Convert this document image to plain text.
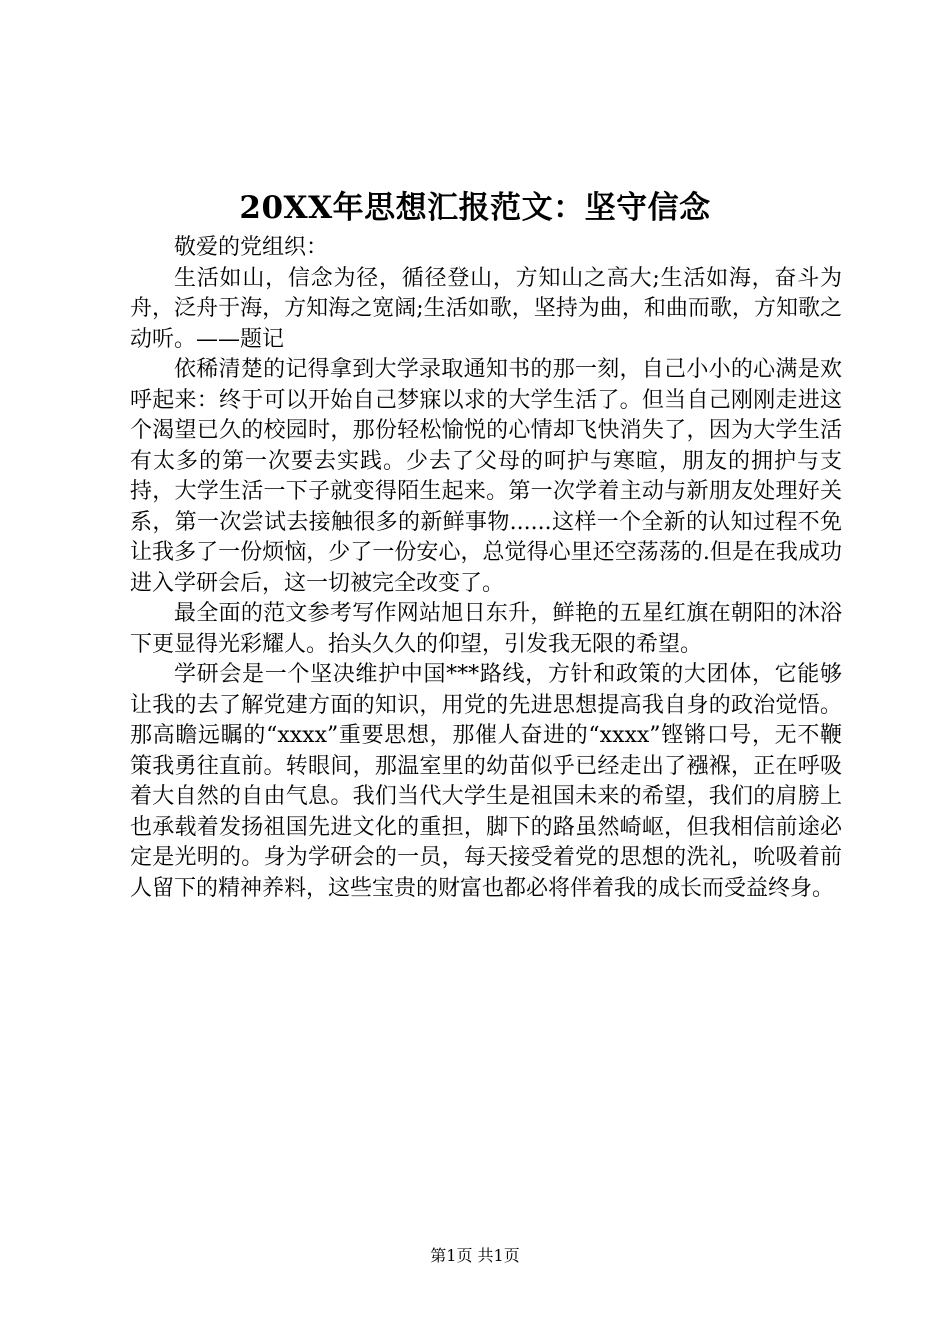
20XX年思想汇报范文：坚守信念

敬爱的党组织：

生活如山，信念为径，循径登山，方知山之高大;生活如海，奋斗为舟，泛舟于海，方知海之宽阔;生活如歌，坚持为曲，和曲而歌，方知歌之动听。——题记

依稀清楚的记得拿到大学录取通知书的那一刻，自己小小的心满是欢呼起来：终于可以开始自己梦寐以求的大学生活了。但当自己刚刚走进这个渴望已久的校园时，那份轻松愉悦的心情却飞快消失了，因为大学生活有太多的第一次要去实践。少去了父母的呵护与寒暄，朋友的拥护与支持，大学生活一下子就变得陌生起来。第一次学着主动与新朋友处理好关系，第一次尝试去接触很多的新鲜事物......这样一个全新的认知过程不免让我多了一份烦恼，少了一份安心，总觉得心里还空荡荡的.但是在我成功进入学研会后，这一切被完全改变了。

最全面的范文参考写作网站旭日东升，鲜艳的五星红旗在朝阳的沐浴下更显得光彩耀人。抬头久久的仰望，引发我无限的希望。

学研会是一个坚决维护中国***路线，方针和政策的大团体，它能够让我的去了解党建方面的知识，用党的先进思想提高我自身的政治觉悟。那高瞻远瞩的“xxxx”重要思想，那催人奋进的“xxxx”铿锵口号，无不鞭策我勇往直前。转眼间，那温室里的幼苗似乎已经走出了襁褓，正在呼吸着大自然的自由气息。我们当代大学生是祖国未来的希望，我们的肩膀上也承载着发扬祖国先进文化的重担，脚下的路虽然崎岖，但我相信前途必定是光明的。身为学研会的一员，每天接受着党的思想的洗礼，吮吸着前人留下的精神养料，这些宝贵的财富也都必将伴着我的成长而受益终身。

第1页 共1页
